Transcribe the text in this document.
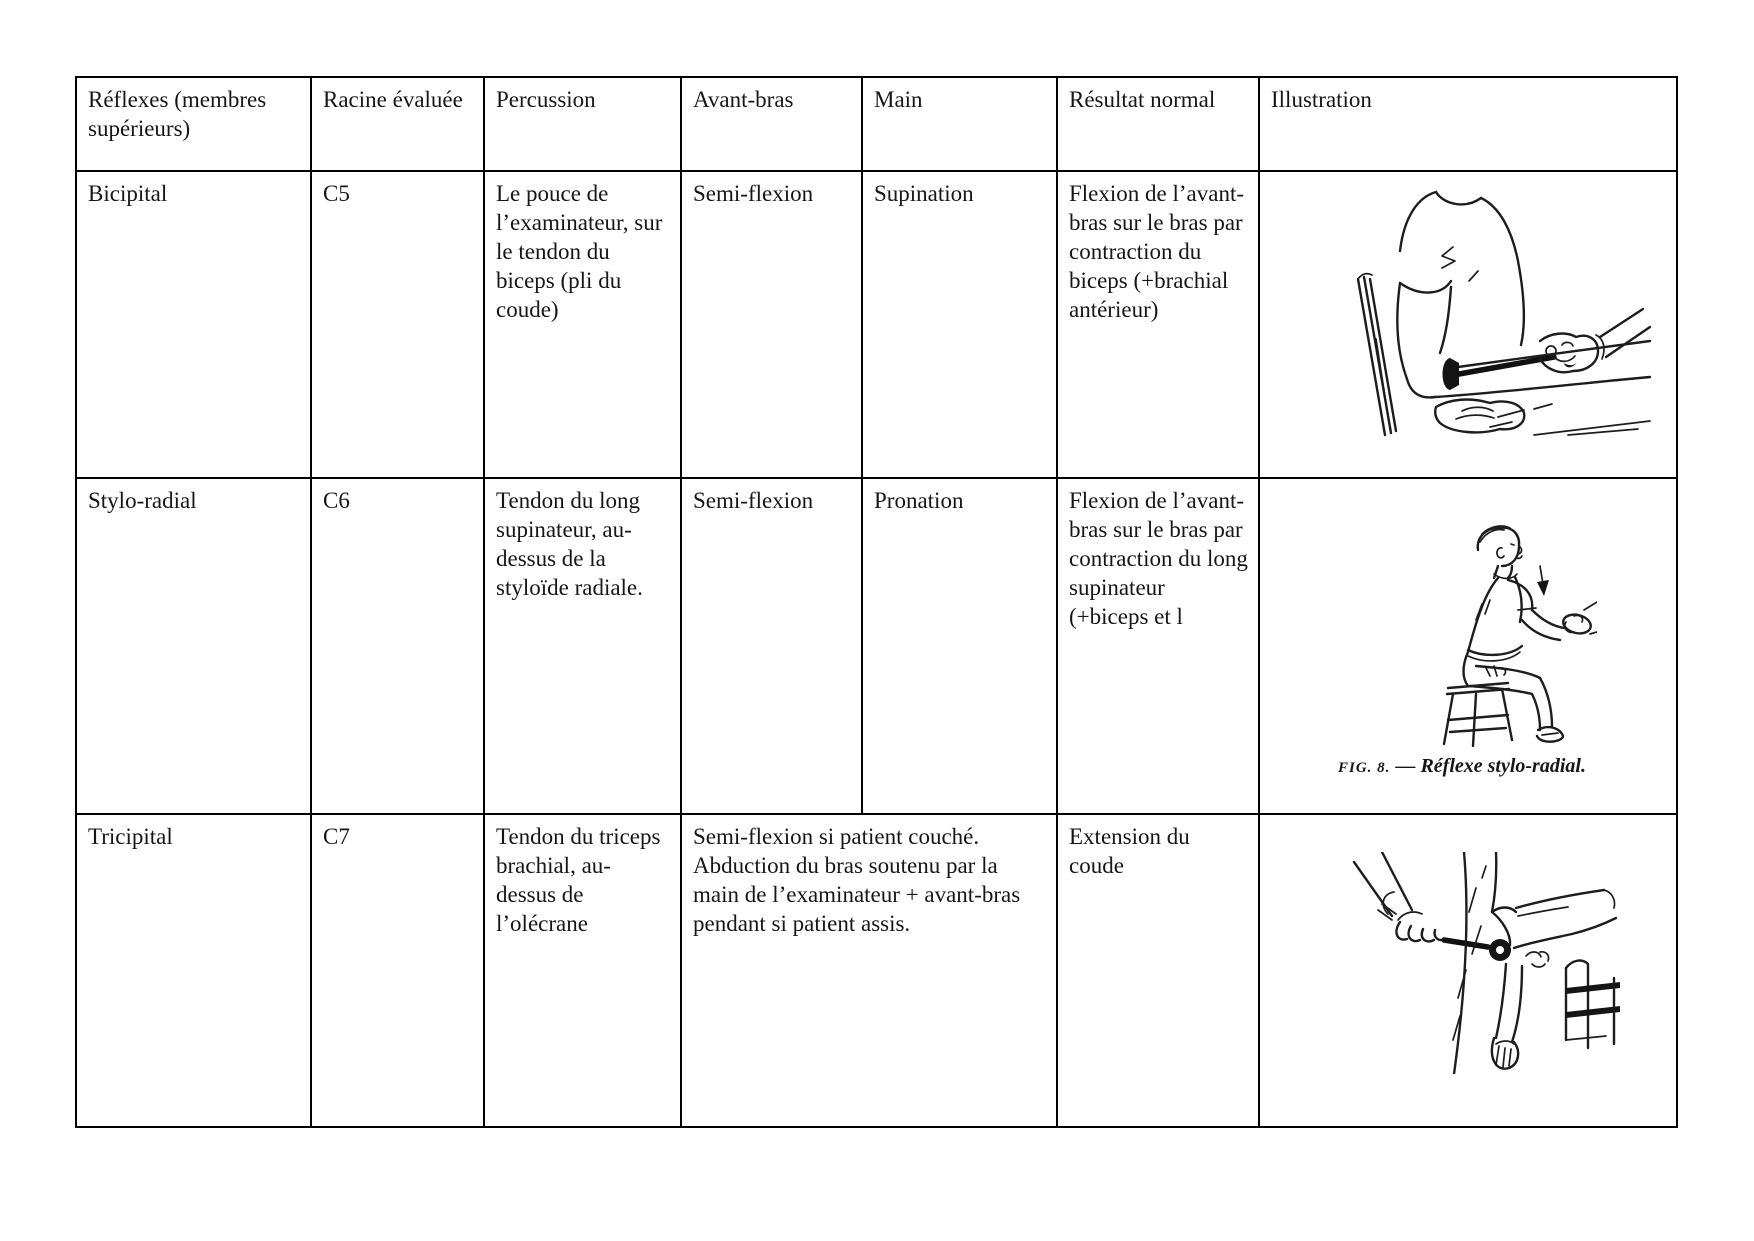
Réflexes (membres supérieurs)	Racine évaluée	Percussion	Avant-bras	Main	Résultat normal	Illustration
Bicipital	C5	Le pouce de l’examinateur, sur le tendon du biceps (pli du coude)	Semi-flexion	Supination	Flexion de l’avant-bras sur le bras par contraction du biceps (+brachial antérieur)	

Stylo-radial	C6	Tendon du long supinateur, au-dessus de la styloïde radiale.	Semi-flexion	Pronation	Flexion de l’avant-bras sur le bras par contraction du long supinateur (+biceps et l	FIG. 8. — Réflexe stylo-radial.

Tricipital	C7	Tendon du triceps brachial, au-dessus de l’olécrane	Semi-flexion si patient couché. Abduction du bras soutenu par la main de l’examinateur + avant-bras pendant si patient assis.		Extension du coude	
